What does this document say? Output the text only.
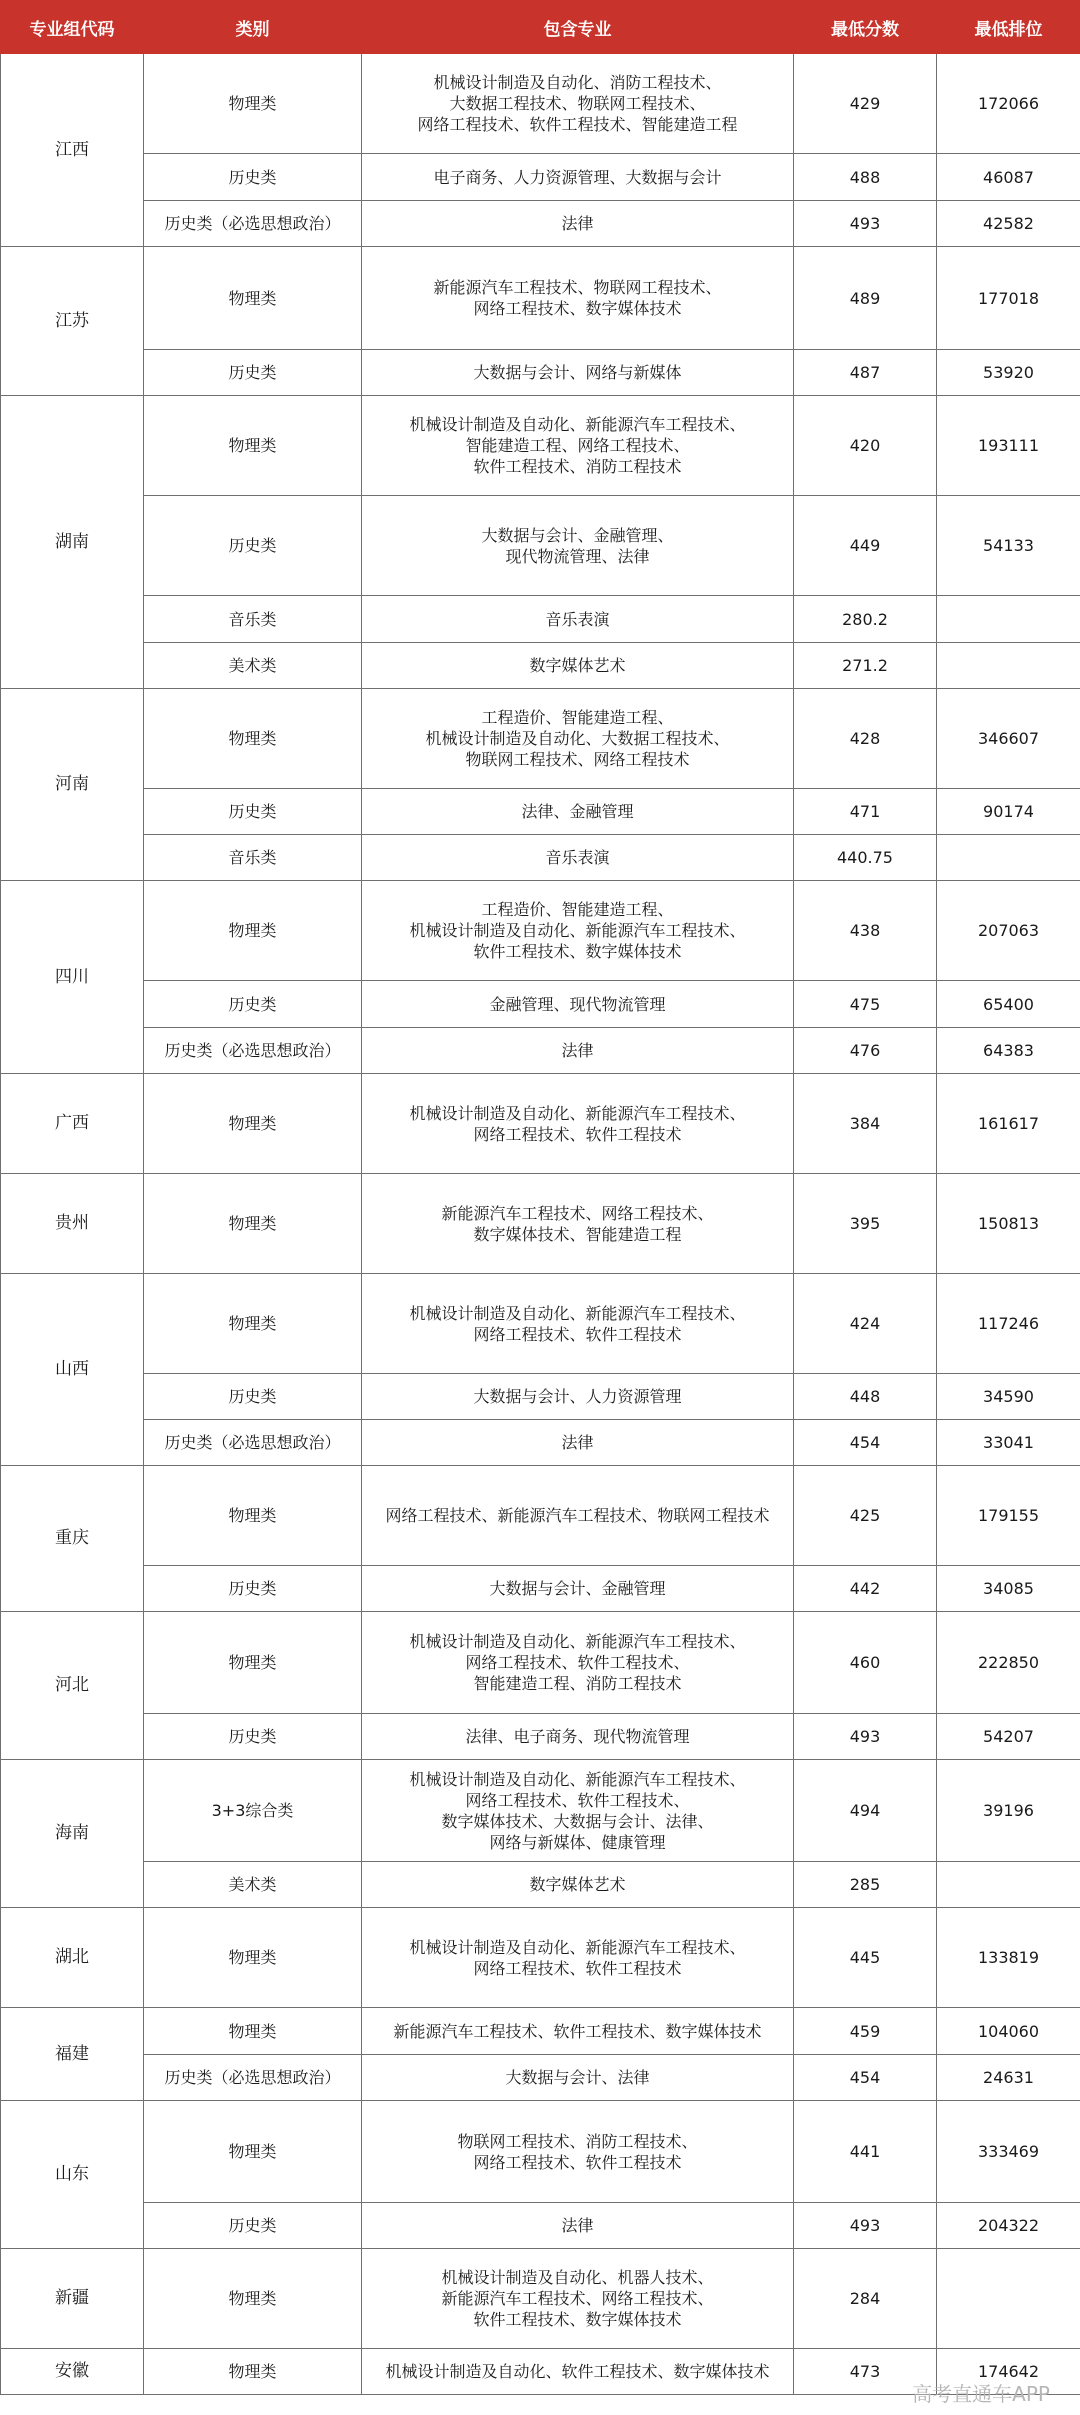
专业组代码	类别	包含专业	最低分数	最低排位
江西	物理类	机械设计制造及自动化、消防工程技术、
大数据工程技术、物联网工程技术、
网络工程技术、软件工程技术、智能建造工程	429	172066
	历史类	电子商务、人力资源管理、大数据与会计	488	46087
	历史类（必选思想政治）	法律	493	42582
江苏	物理类	新能源汽车工程技术、物联网工程技术、
网络工程技术、数字媒体技术	489	177018
	历史类	大数据与会计、网络与新媒体	487	53920
湖南	物理类	机械设计制造及自动化、新能源汽车工程技术、
智能建造工程、网络工程技术、
软件工程技术、消防工程技术	420	193111
	历史类	大数据与会计、金融管理、
现代物流管理、法律	449	54133
	音乐类	音乐表演	280.2	
	美术类	数字媒体艺术	271.2	
河南	物理类	工程造价、智能建造工程、
机械设计制造及自动化、大数据工程技术、
物联网工程技术、网络工程技术	428	346607
	历史类	法律、金融管理	471	90174
	音乐类	音乐表演	440.75	
四川	物理类	工程造价、智能建造工程、
机械设计制造及自动化、新能源汽车工程技术、
软件工程技术、数字媒体技术	438	207063
	历史类	金融管理、现代物流管理	475	65400
	历史类（必选思想政治）	法律	476	64383
广西	物理类	机械设计制造及自动化、新能源汽车工程技术、
网络工程技术、软件工程技术	384	161617
贵州	物理类	新能源汽车工程技术、网络工程技术、
数字媒体技术、智能建造工程	395	150813
山西	物理类	机械设计制造及自动化、新能源汽车工程技术、
网络工程技术、软件工程技术	424	117246
	历史类	大数据与会计、人力资源管理	448	34590
	历史类（必选思想政治）	法律	454	33041
重庆	物理类	网络工程技术、新能源汽车工程技术、物联网工程技术	425	179155
	历史类	大数据与会计、金融管理	442	34085
河北	物理类	机械设计制造及自动化、新能源汽车工程技术、
网络工程技术、软件工程技术、
智能建造工程、消防工程技术	460	222850
	历史类	法律、电子商务、现代物流管理	493	54207
海南	3+3综合类	机械设计制造及自动化、新能源汽车工程技术、
网络工程技术、软件工程技术、
数字媒体技术、大数据与会计、法律、
网络与新媒体、健康管理	494	39196
	美术类	数字媒体艺术	285	
湖北	物理类	机械设计制造及自动化、新能源汽车工程技术、
网络工程技术、软件工程技术	445	133819
福建	物理类	新能源汽车工程技术、软件工程技术、数字媒体技术	459	104060
	历史类（必选思想政治）	大数据与会计、法律	454	24631
山东	物理类	物联网工程技术、消防工程技术、
网络工程技术、软件工程技术	441	333469
	历史类	法律	493	204322
新疆	物理类	机械设计制造及自动化、机器人技术、
新能源汽车工程技术、网络工程技术、
软件工程技术、数字媒体技术	284	
安徽	物理类	机械设计制造及自动化、软件工程技术、数字媒体技术	473	174642
高考直通车APP
